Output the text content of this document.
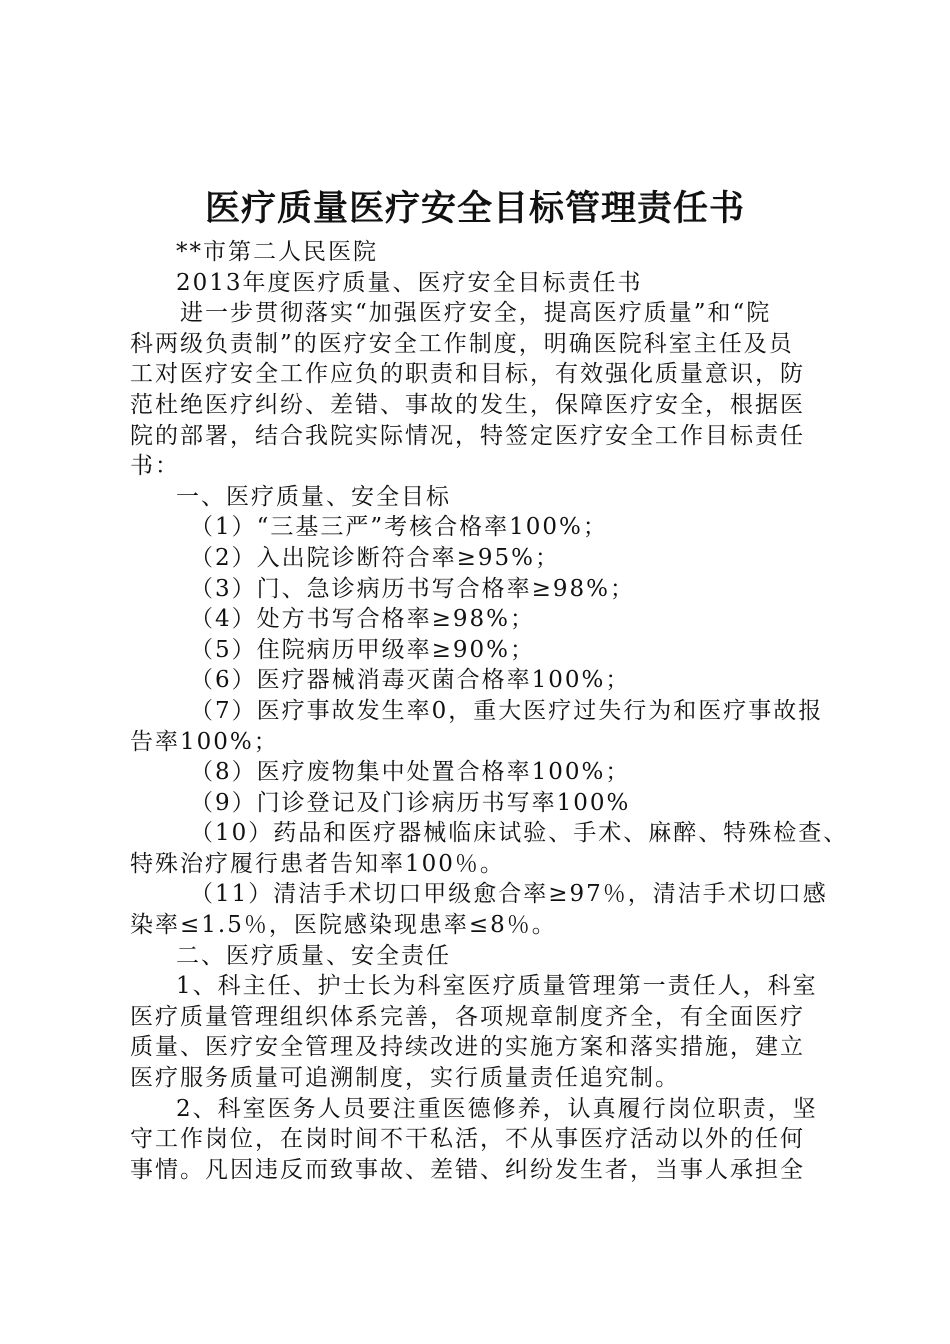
医疗质量医疗安全目标管理责任书
**市第二人民医院
2013年度医疗质量、医疗安全目标责任书
进一步贯彻落实“加强医疗安全，提高医疗质量”和“院
科两级负责制”的医疗安全工作制度，明确医院科室主任及员
工对医疗安全工作应负的职责和目标，有效强化质量意识，防
范杜绝医疗纠纷、差错、事故的发生，保障医疗安全，根据医
院的部署，结合我院实际情况，特签定医疗安全工作目标责任
书：
一、医疗质量、安全目标
（1）“三基三严”考核合格率100%；
（2）入出院诊断符合率≥95%；
（3）门、急诊病历书写合格率≥98%；
（4）处方书写合格率≥98%；
（5）住院病历甲级率≥90%；
（6）医疗器械消毒灭菌合格率100%；
（7）医疗事故发生率0，重大医疗过失行为和医疗事故报
告率100%；
（8）医疗废物集中处置合格率100%；
（9）门诊登记及门诊病历书写率100%
（10）药品和医疗器械临床试验、手术、麻醉、特殊检查、
特殊治疗履行患者告知率100％。
（11）清洁手术切口甲级愈合率≥97％，清洁手术切口感
染率≤1.5％，医院感染现患率≤8％。
二、医疗质量、安全责任
1、科主任、护士长为科室医疗质量管理第一责任人，科室
医疗质量管理组织体系完善，各项规章制度齐全，有全面医疗
质量、医疗安全管理及持续改进的实施方案和落实措施，建立
医疗服务质量可追溯制度，实行质量责任追究制。
2、科室医务人员要注重医德修养，认真履行岗位职责，坚
守工作岗位，在岗时间不干私活，不从事医疗活动以外的任何
事情。凡因违反而致事故、差错、纠纷发生者，当事人承担全
